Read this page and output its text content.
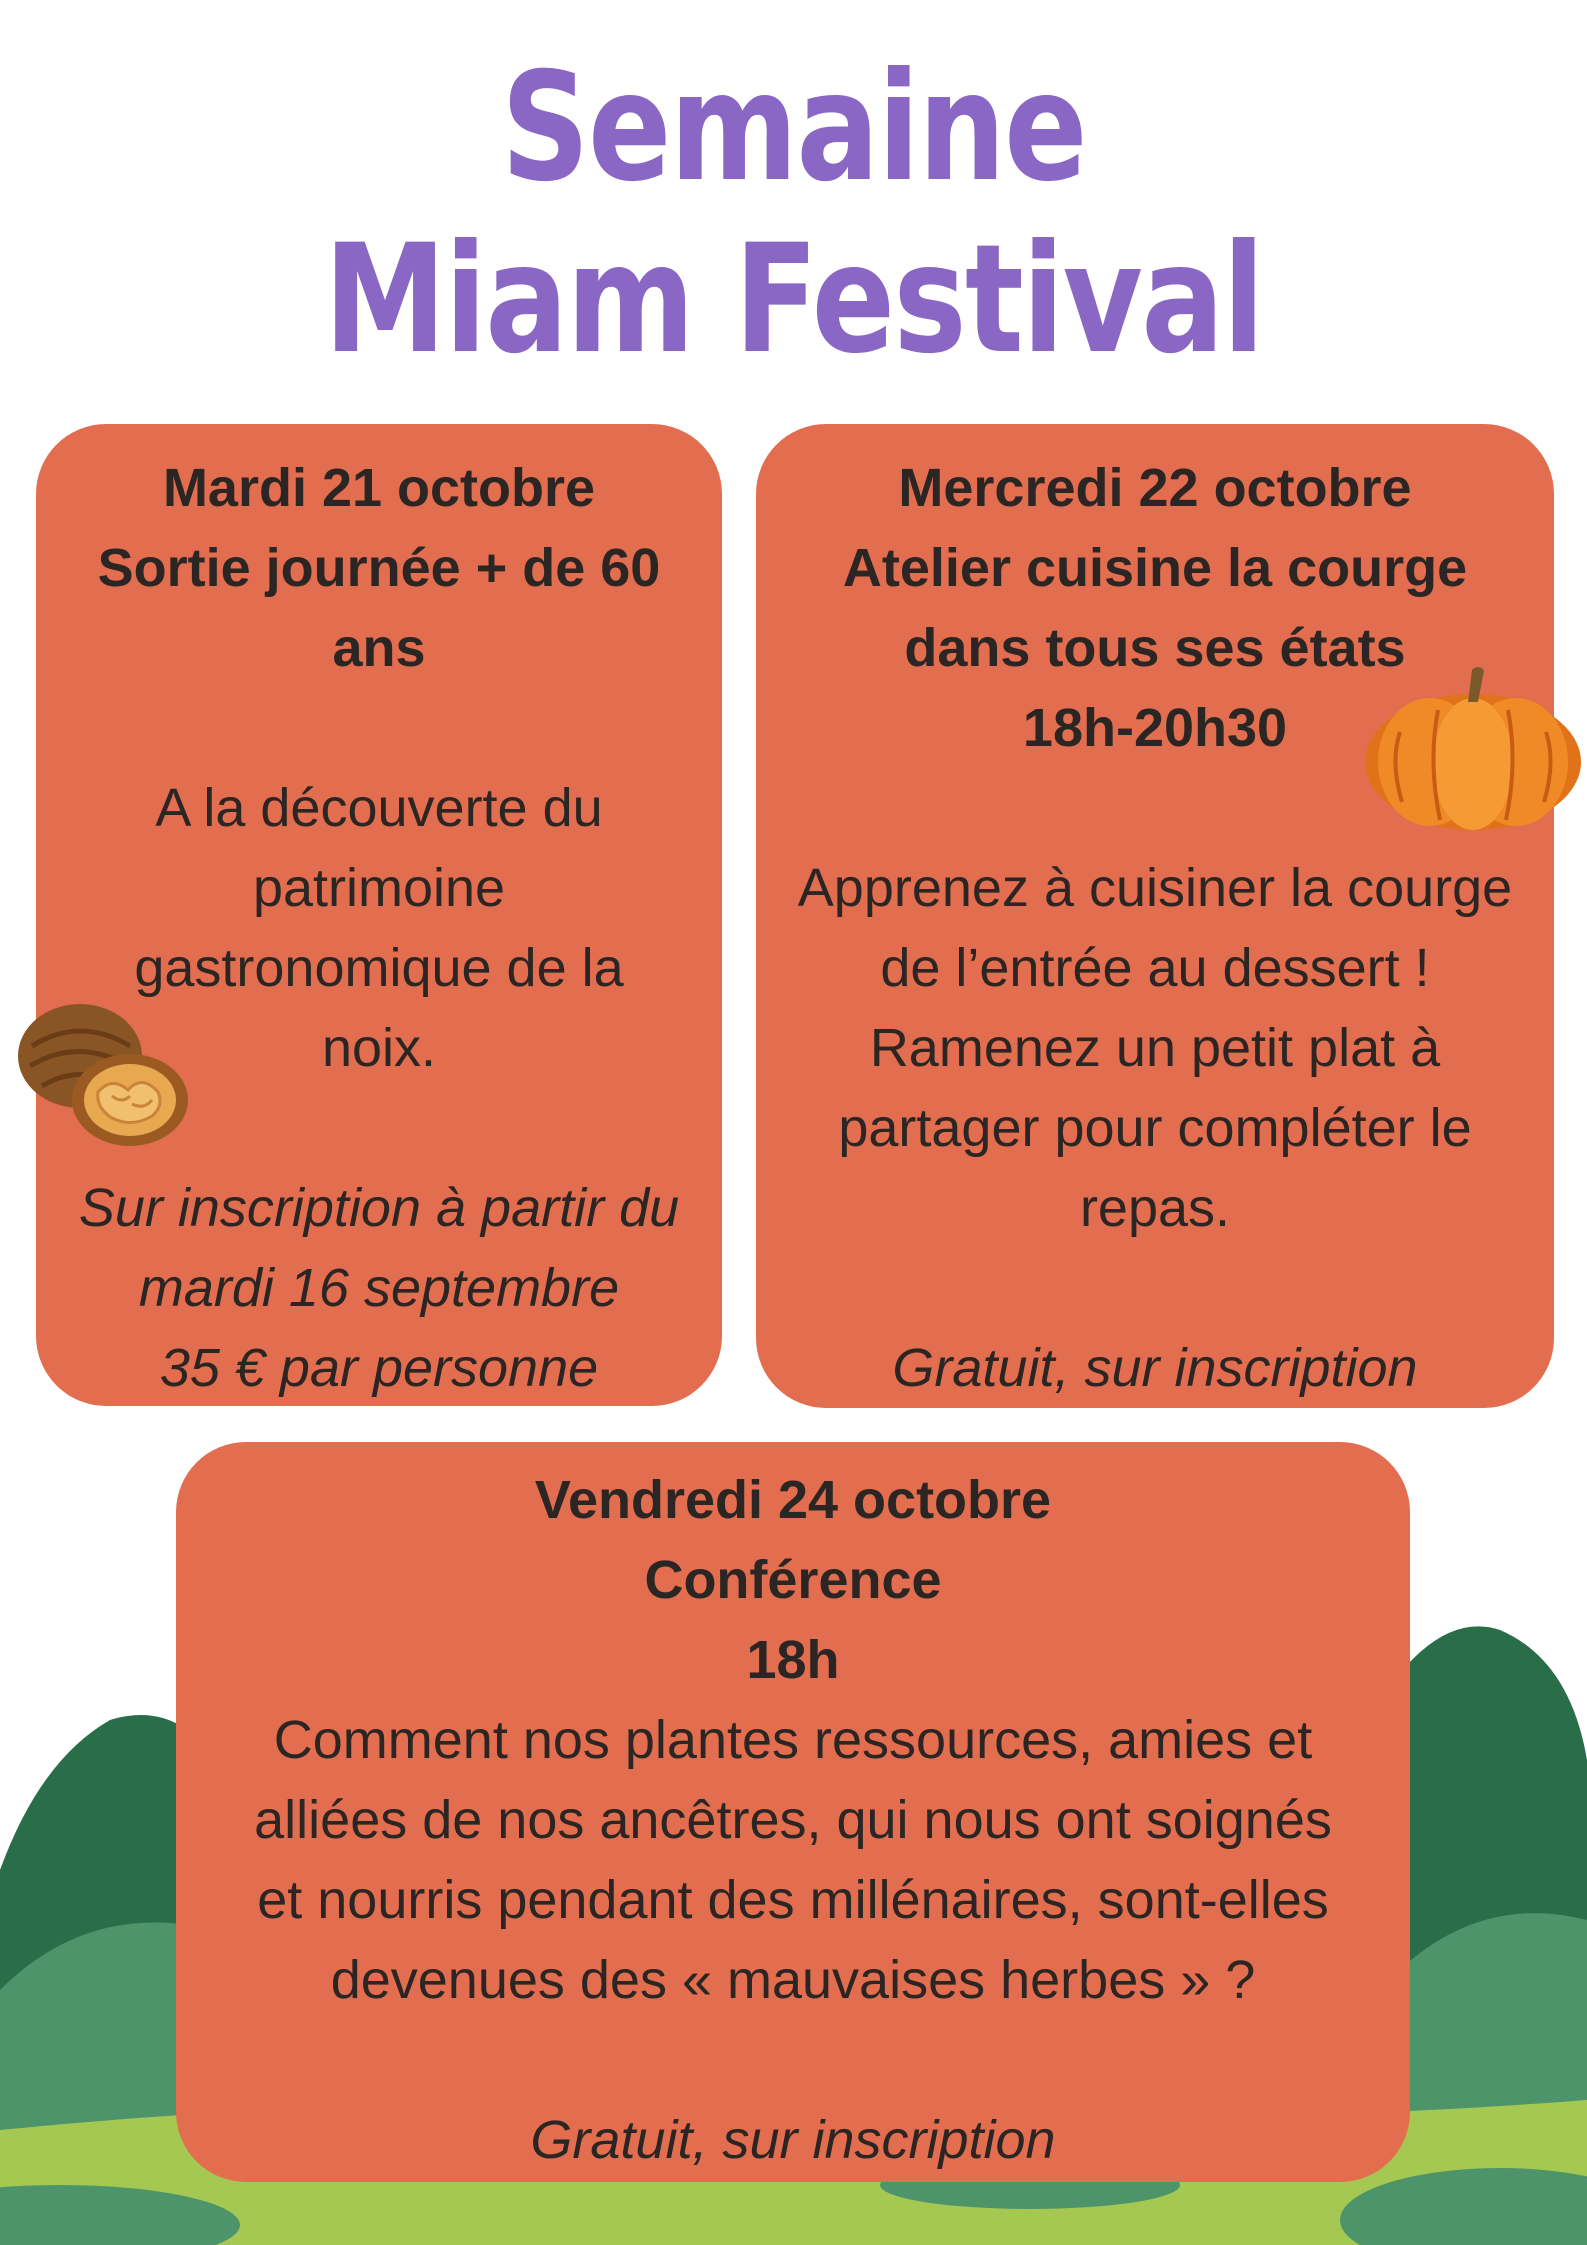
Semaine
Miam Festival

Mardi 21 octobre

Sortie journée + de 60

ans

A la découverte du

patrimoine

gastronomique de la

noix.

Sur inscription à partir du

mardi 16 septembre

35 € par personne

Mercredi 22 octobre

Atelier cuisine la courge

dans tous ses états

18h-20h30

Apprenez à cuisiner la courge

de l’entrée au dessert !

Ramenez un petit plat à

partager pour compléter le

repas.

Gratuit, sur inscription

Vendredi 24 octobre

Conférence

18h

Comment nos plantes ressources, amies et

alliées de nos ancêtres, qui nous ont soignés

et nourris pendant des millénaires, sont-elles

devenues des « mauvaises herbes » ?

Gratuit, sur inscription
